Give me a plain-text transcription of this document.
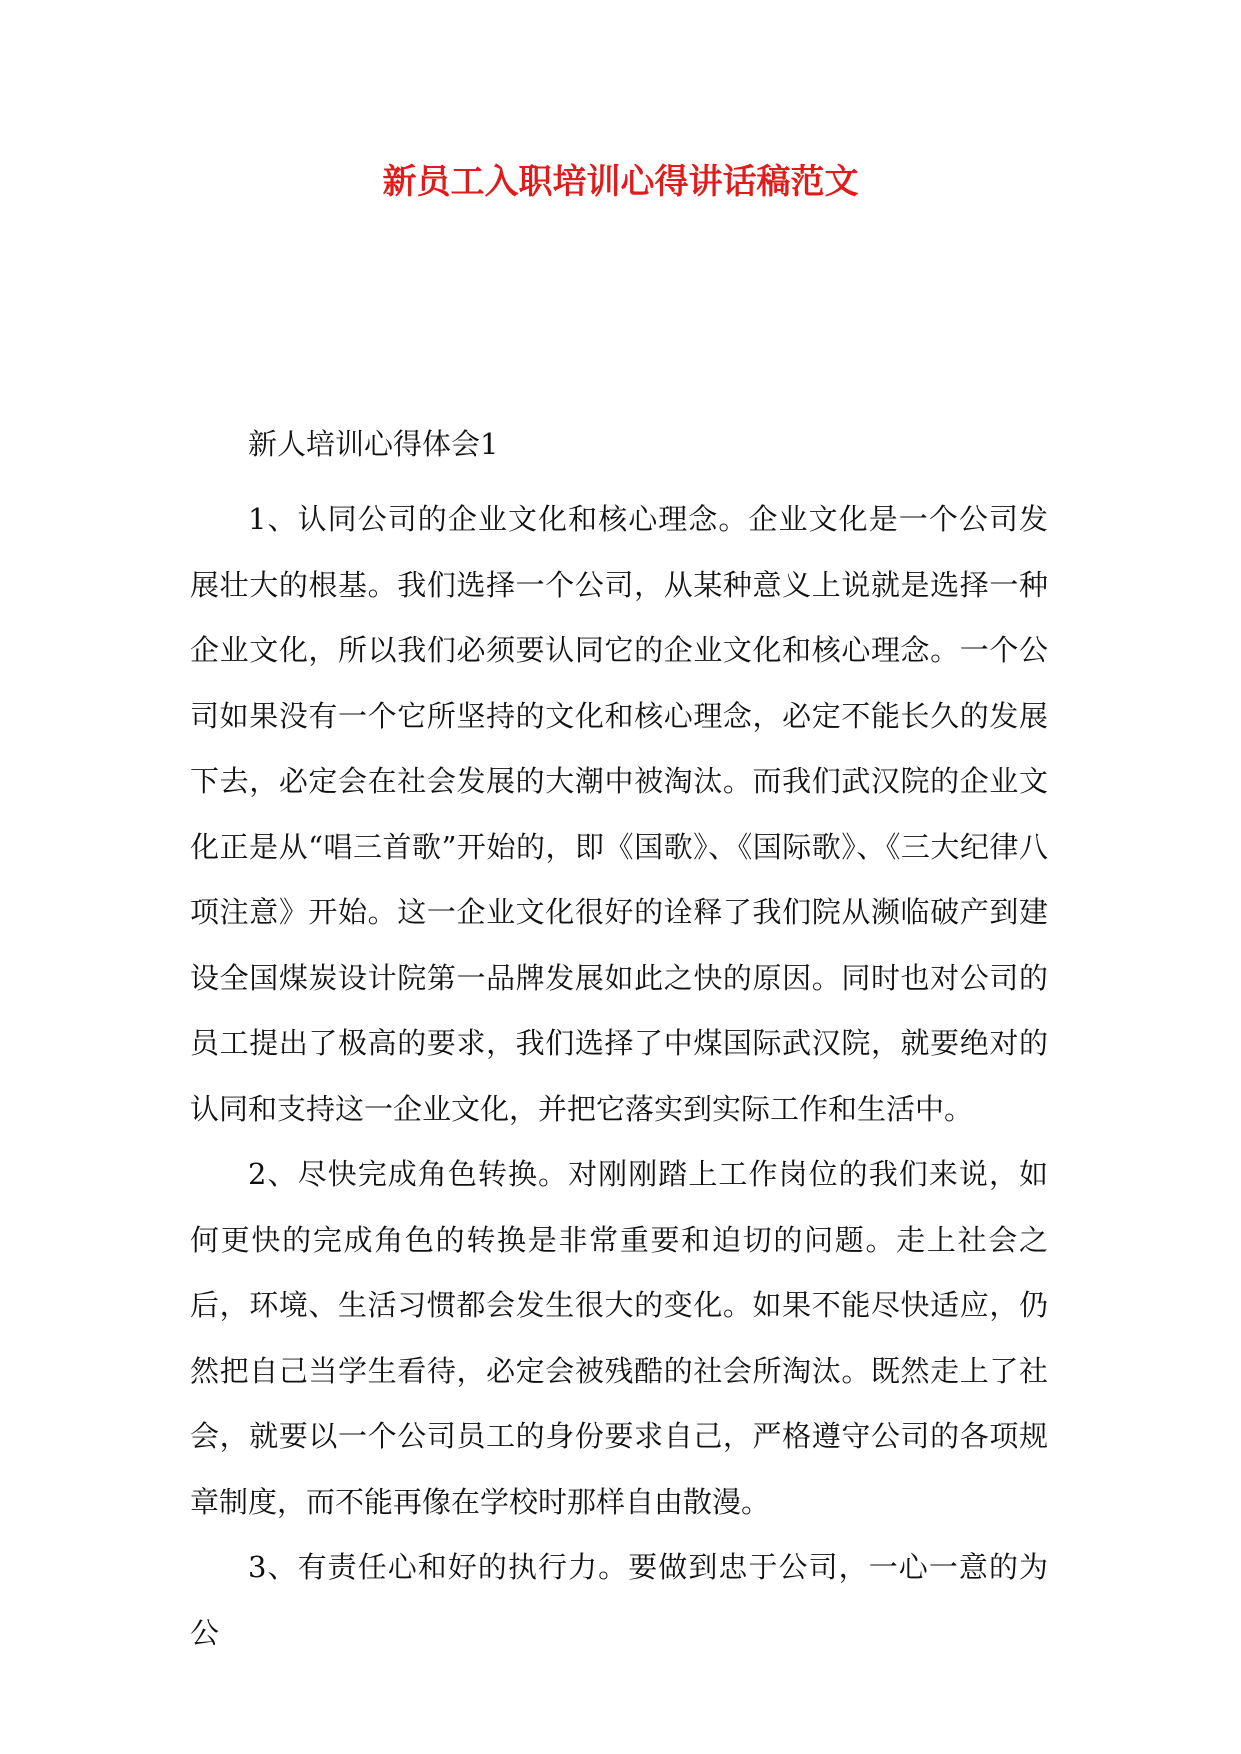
新员工入职培训心得讲话稿范文

新人培训心得体会1

1、认同公司的企业文化和核心理念。企业文化是一个公司发展壮大的根基。我们选择一个公司，从某种意义上说就是选择一种企业文化，所以我们必须要认同它的企业文化和核心理念。一个公司如果没有一个它所坚持的文化和核心理念，必定不能长久的发展下去，必定会在社会发展的大潮中被淘汰。而我们武汉院的企业文化正是从“唱三首歌”开始的，即《国歌》、《国际歌》、《三大纪律八项注意》开始。这一企业文化很好的诠释了我们院从濒临破产到建设全国煤炭设计院第一品牌发展如此之快的原因。同时也对公司的员工提出了极高的要求，我们选择了中煤国际武汉院，就要绝对的认同和支持这一企业文化，并把它落实到实际工作和生活中。

2、尽快完成角色转换。对刚刚踏上工作岗位的我们来说，如何更快的完成角色的转换是非常重要和迫切的问题。走上社会之后，环境、生活习惯都会发生很大的变化。如果不能尽快适应，仍然把自己当学生看待，必定会被残酷的社会所淘汰。既然走上了社会，就要以一个公司员工的身份要求自己，严格遵守公司的各项规章制度，而不能再像在学校时那样自由散漫。

3、有责任心和好的执行力。要做到忠于公司，一心一意的为公
